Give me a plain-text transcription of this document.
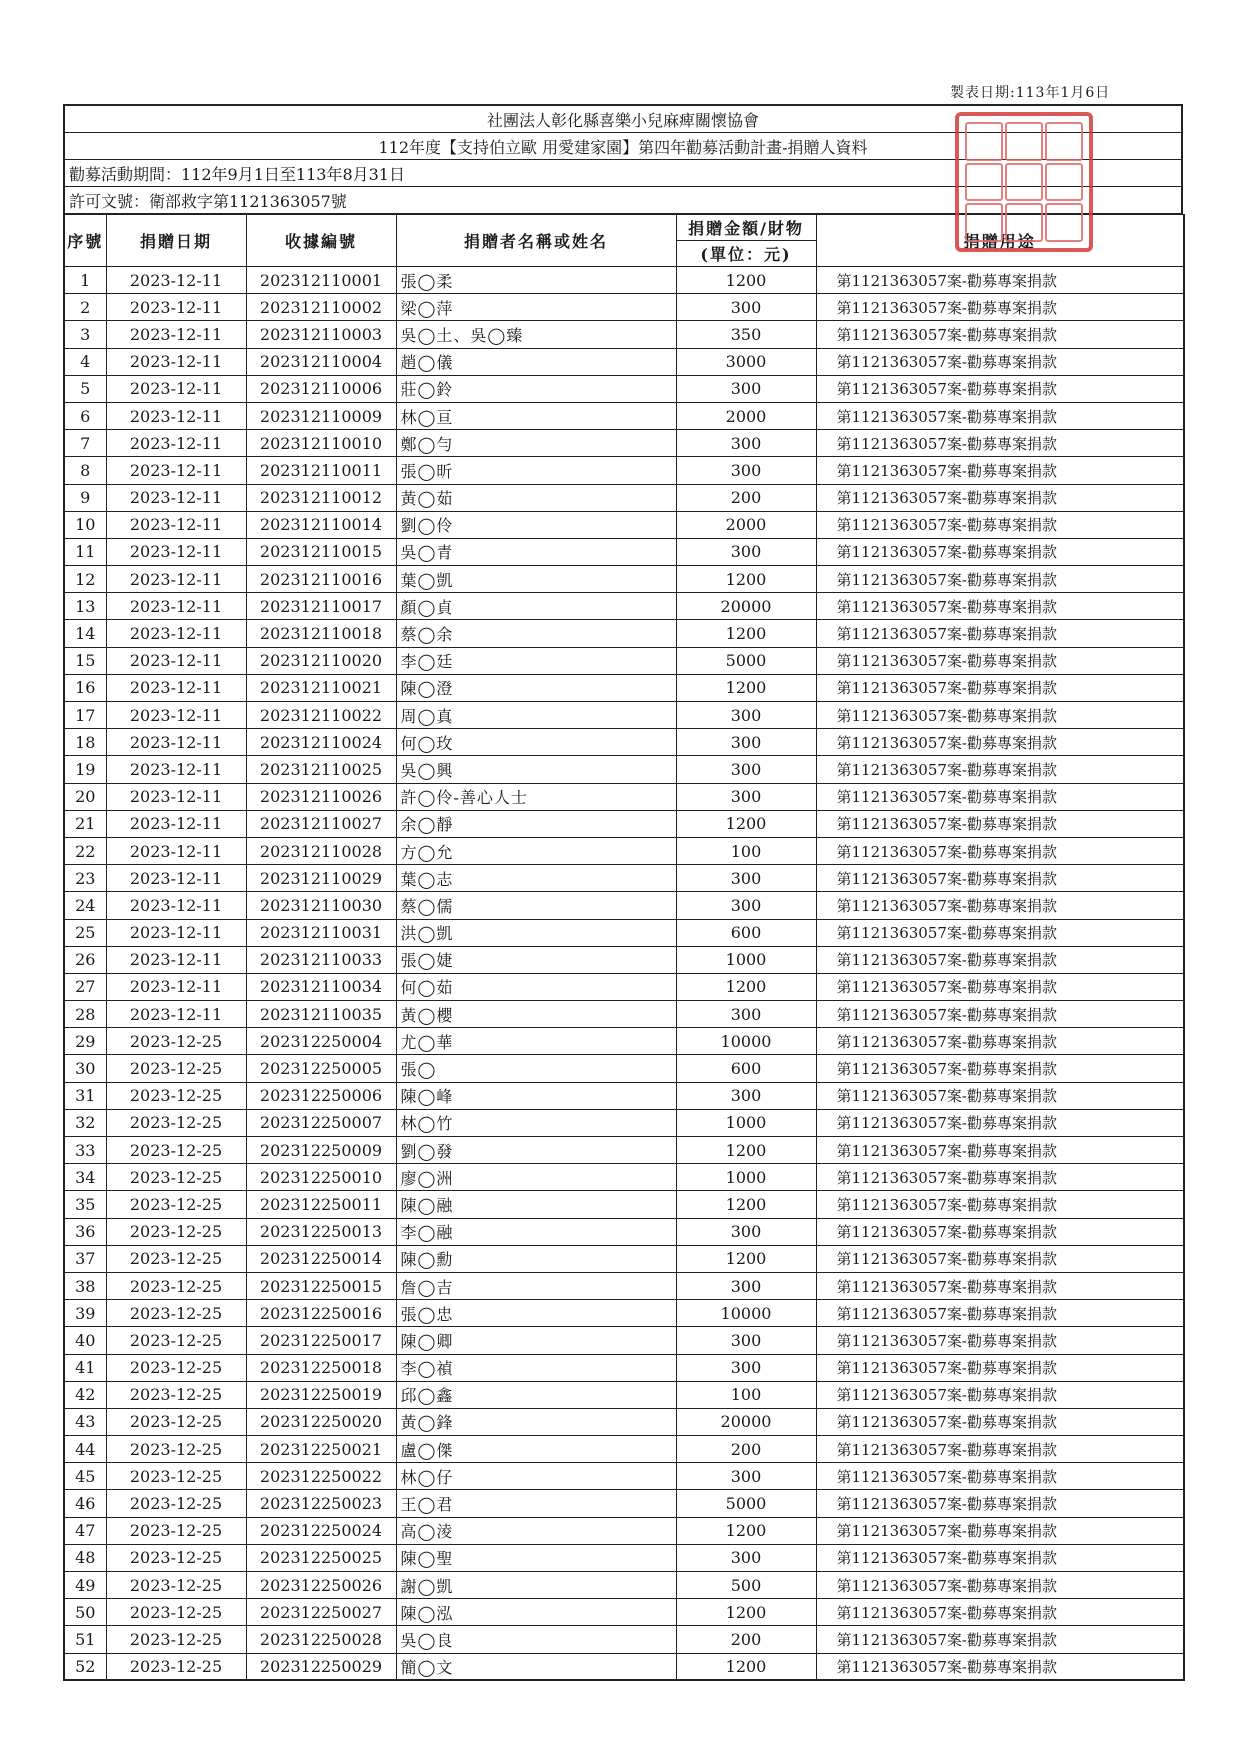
製表日期:113年1月6日
社團法人彰化縣喜樂小兒麻痺關懷協會
112年度【支持伯立歐 用愛建家園】第四年勸募活動計畫-捐贈人資料
勸募活動期間：112年9月1日至113年8月31日
許可文號：衛部救字第1121363057號
序號	捐贈日期	收據編號	捐贈者名稱或姓名	捐贈金額/財物	捐贈用途
				(單位：元)	
1	2023-12-11	202312110001	張◯柔	1200	第1121363057案-勸募專案捐款
2	2023-12-11	202312110002	梁◯萍	300	第1121363057案-勸募專案捐款
3	2023-12-11	202312110003	吳◯土、吳◯臻	350	第1121363057案-勸募專案捐款
4	2023-12-11	202312110004	趙◯儀	3000	第1121363057案-勸募專案捐款
5	2023-12-11	202312110006	莊◯鈴	300	第1121363057案-勸募專案捐款
6	2023-12-11	202312110009	林◯亘	2000	第1121363057案-勸募專案捐款
7	2023-12-11	202312110010	鄭◯勻	300	第1121363057案-勸募專案捐款
8	2023-12-11	202312110011	張◯昕	300	第1121363057案-勸募專案捐款
9	2023-12-11	202312110012	黃◯茹	200	第1121363057案-勸募專案捐款
10	2023-12-11	202312110014	劉◯伶	2000	第1121363057案-勸募專案捐款
11	2023-12-11	202312110015	吳◯青	300	第1121363057案-勸募專案捐款
12	2023-12-11	202312110016	葉◯凱	1200	第1121363057案-勸募專案捐款
13	2023-12-11	202312110017	顏◯貞	20000	第1121363057案-勸募專案捐款
14	2023-12-11	202312110018	蔡◯余	1200	第1121363057案-勸募專案捐款
15	2023-12-11	202312110020	李◯廷	5000	第1121363057案-勸募專案捐款
16	2023-12-11	202312110021	陳◯澄	1200	第1121363057案-勸募專案捐款
17	2023-12-11	202312110022	周◯真	300	第1121363057案-勸募專案捐款
18	2023-12-11	202312110024	何◯玫	300	第1121363057案-勸募專案捐款
19	2023-12-11	202312110025	吳◯興	300	第1121363057案-勸募專案捐款
20	2023-12-11	202312110026	許◯伶-善心人士	300	第1121363057案-勸募專案捐款
21	2023-12-11	202312110027	余◯靜	1200	第1121363057案-勸募專案捐款
22	2023-12-11	202312110028	方◯允	100	第1121363057案-勸募專案捐款
23	2023-12-11	202312110029	葉◯志	300	第1121363057案-勸募專案捐款
24	2023-12-11	202312110030	蔡◯儒	300	第1121363057案-勸募專案捐款
25	2023-12-11	202312110031	洪◯凱	600	第1121363057案-勸募專案捐款
26	2023-12-11	202312110033	張◯婕	1000	第1121363057案-勸募專案捐款
27	2023-12-11	202312110034	何◯茹	1200	第1121363057案-勸募專案捐款
28	2023-12-11	202312110035	黃◯櫻	300	第1121363057案-勸募專案捐款
29	2023-12-25	202312250004	尤◯華	10000	第1121363057案-勸募專案捐款
30	2023-12-25	202312250005	張◯	600	第1121363057案-勸募專案捐款
31	2023-12-25	202312250006	陳◯峰	300	第1121363057案-勸募專案捐款
32	2023-12-25	202312250007	林◯竹	1000	第1121363057案-勸募專案捐款
33	2023-12-25	202312250009	劉◯發	1200	第1121363057案-勸募專案捐款
34	2023-12-25	202312250010	廖◯洲	1000	第1121363057案-勸募專案捐款
35	2023-12-25	202312250011	陳◯融	1200	第1121363057案-勸募專案捐款
36	2023-12-25	202312250013	李◯融	300	第1121363057案-勸募專案捐款
37	2023-12-25	202312250014	陳◯勳	1200	第1121363057案-勸募專案捐款
38	2023-12-25	202312250015	詹◯吉	300	第1121363057案-勸募專案捐款
39	2023-12-25	202312250016	張◯忠	10000	第1121363057案-勸募專案捐款
40	2023-12-25	202312250017	陳◯卿	300	第1121363057案-勸募專案捐款
41	2023-12-25	202312250018	李◯禎	300	第1121363057案-勸募專案捐款
42	2023-12-25	202312250019	邱◯鑫	100	第1121363057案-勸募專案捐款
43	2023-12-25	202312250020	黃◯鋒	20000	第1121363057案-勸募專案捐款
44	2023-12-25	202312250021	盧◯傑	200	第1121363057案-勸募專案捐款
45	2023-12-25	202312250022	林◯仔	300	第1121363057案-勸募專案捐款
46	2023-12-25	202312250023	王◯君	5000	第1121363057案-勸募專案捐款
47	2023-12-25	202312250024	高◯淩	1200	第1121363057案-勸募專案捐款
48	2023-12-25	202312250025	陳◯聖	300	第1121363057案-勸募專案捐款
49	2023-12-25	202312250026	謝◯凱	500	第1121363057案-勸募專案捐款
50	2023-12-25	202312250027	陳◯泓	1200	第1121363057案-勸募專案捐款
51	2023-12-25	202312250028	吳◯良	200	第1121363057案-勸募專案捐款
52	2023-12-25	202312250029	簡◯文	1200	第1121363057案-勸募專案捐款
